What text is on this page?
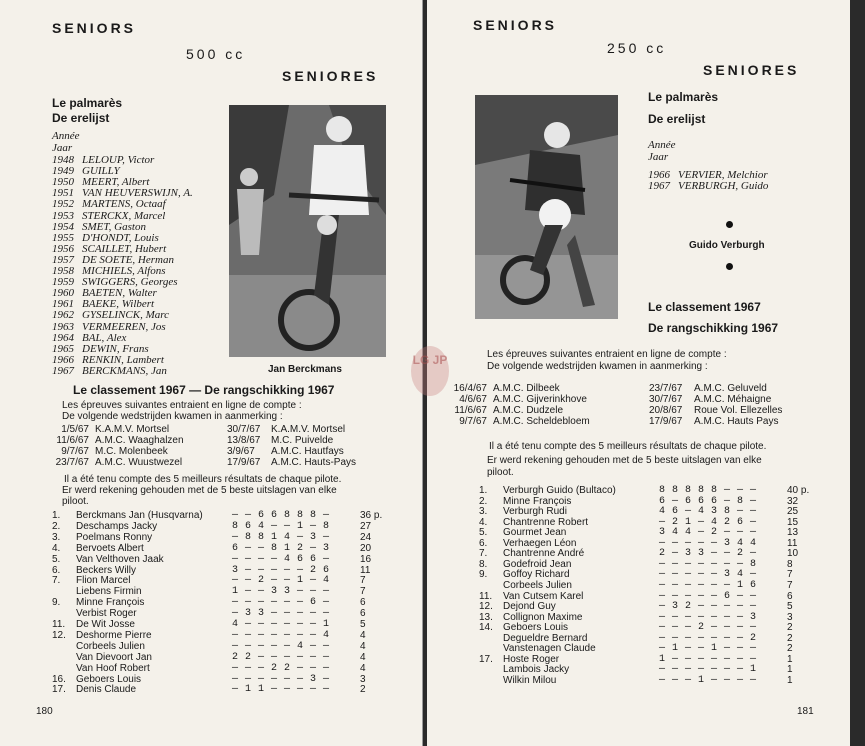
SENIORS
500 cc
SENIORES
Le palmarès
De erelijst
Année
Jaar
1948 LELOUP, Victor
1949 GUILLY
1950 MEERT, Albert
1951 VAN HEUVERSWIJN, A.
1952 MARTENS, Octaaf
1953 STERCKX, Marcel
1954 SMET, Gaston
1955 D'HONDT, Louis
1956 SCAILLET, Hubert
1957 DE SOETE, Herman
1958 MICHIELS, Alfons
1959 SWIGGERS, Georges
1960 BAETEN, Walter
1961 BAEKE, Wilbert
1962 GYSELINCK, Marc
1963 VERMEEREN, Jos
1964 BAL, Alex
1965 DEWIN, Frans
1966 RENKIN, Lambert
1967 BERCKMANS, Jan	Jan Berckmans
Le classement 1967 — De rangschikking 1967
Les épreuves suivantes entraient en ligne de compte :
De volgende wedstrijden kwamen in aanmerking :
1/5/67 K.A.M.V. Mortsel	30/7/67 K.A.M.V. Mortsel
11/6/67 A.M.C. Waaghalzen	13/8/67 M.C. Puivelde
9/7/67 M.C. Molenbeek	3/9/67 A.M.C. Hautfays
23/7/67 A.M.C. Wuustwezel	17/9/67 A.M.C. Hauts-Pays
Il a été tenu compte des 5 meilleurs résultats de chaque pilote.
Er werd rekening gehouden met de 5 beste uitslagen van elke
piloot.
1. Berckmans Jan (Husqvarna)	— — 6 6 8 8 8 —	36 p.
2. Deschamps Jacky	8 6 4 — — 1 — 8	27
3. Poelmans Ronny	— 8 8 1 4 — 3 —	24
4. Bervoets Albert	6 — — 8 1 2 — 3	20
5. Van Velthoven Jaak	— — — — 4 6 6 —	16
6. Beckers Willy	3 — — — — — 2 6	11
7. Flion Marcel	— — 2 — — 1 — 4	7
Liebens Firmin	1 — — 3 3 — — —	7
9. Minne François	— — — — — — 6 —	6
Verbist Roger	— 3 3 — — — — —	6
11. De Wit Josse	4 — — — — — — 1	5
12. Deshorme Pierre	— — — — — — — 4	4
Corbeels Julien	— — — — — 4 — —	4
Van Dievoort Jan	2 2 — — — — — —	4
Van Hoof Robert	— — — 2 2 — — —	4
16. Geboers Louis	— — — — — — 3 —	3
17. Denis Claude	— 1 1 — — — — —	2
180
SENIORS
250 cc
SENIORES
Le palmarès
De erelijst
Année
Jaar
1966 VERVIER, Melchior
1967 VERBURGH, Guido
Guido Verburgh
Le classement 1967
De rangschikking 1967
Les épreuves suivantes entraient en ligne de compte :
De volgende wedstrijden kwamen in aanmerking :
16/4/67 A.M.C. Dilbeek	23/7/67 A.M.C. Geluveld
4/6/67 A.M.C. Gijverinkhove	30/7/67 A.M.C. Méhaigne
11/6/67 A.M.C. Dudzele	20/8/67 Roue Vol. Ellezelles
9/7/67 A.M.C. Scheldebloem	17/9/67 A.M.C. Hauts Pays
Il a été tenu compte des 5 meilleurs résultats de chaque pilote.
Er werd rekening gehouden met de 5 beste uitslagen van elke
piloot.
1. Verburgh Guido (Bultaco)	8 8 8 8 8 — — —	40 p.
2. Minne François	6 — 6 6 6 — 8 —	32
3. Verburgh Rudi	4 6 — 4 3 8 — —	25
4. Chantrenne Robert	— 2 1 — 4 2 6 —	15
5. Gourmet Jean	3 4 4 — 2 — — —	13
6. Verhaegen Léon	— — — — — 3 4 4	11
7. Chantrenne André	2 — 3 3 — — 2 —	10
8. Godefroid Jean	— — — — — — — 8	8
9. Goffoy Richard	— — — — — 3 4 —	7
Corbeels Julien	— — — — — — 1 6	7
11. Van Cutsem Karel	— — — — — 6 — —	6
12. Dejond Guy	— 3 2 — — — — —	5
13. Collignon Maxime	— — — — — — — 3	3
14. Geboers Louis	— — — 2 — — — —	2
Degueldre Bernard	— — — — — — — 2	2
Vanstenagen Claude	— 1 — — 1 — — —	2
17. Hoste Roger	1 — — — — — — —	1
Lambois Jacky	— — — — — — — 1	1
Wilkin Milou	— — — 1 — — — —	1
181
LG JP
